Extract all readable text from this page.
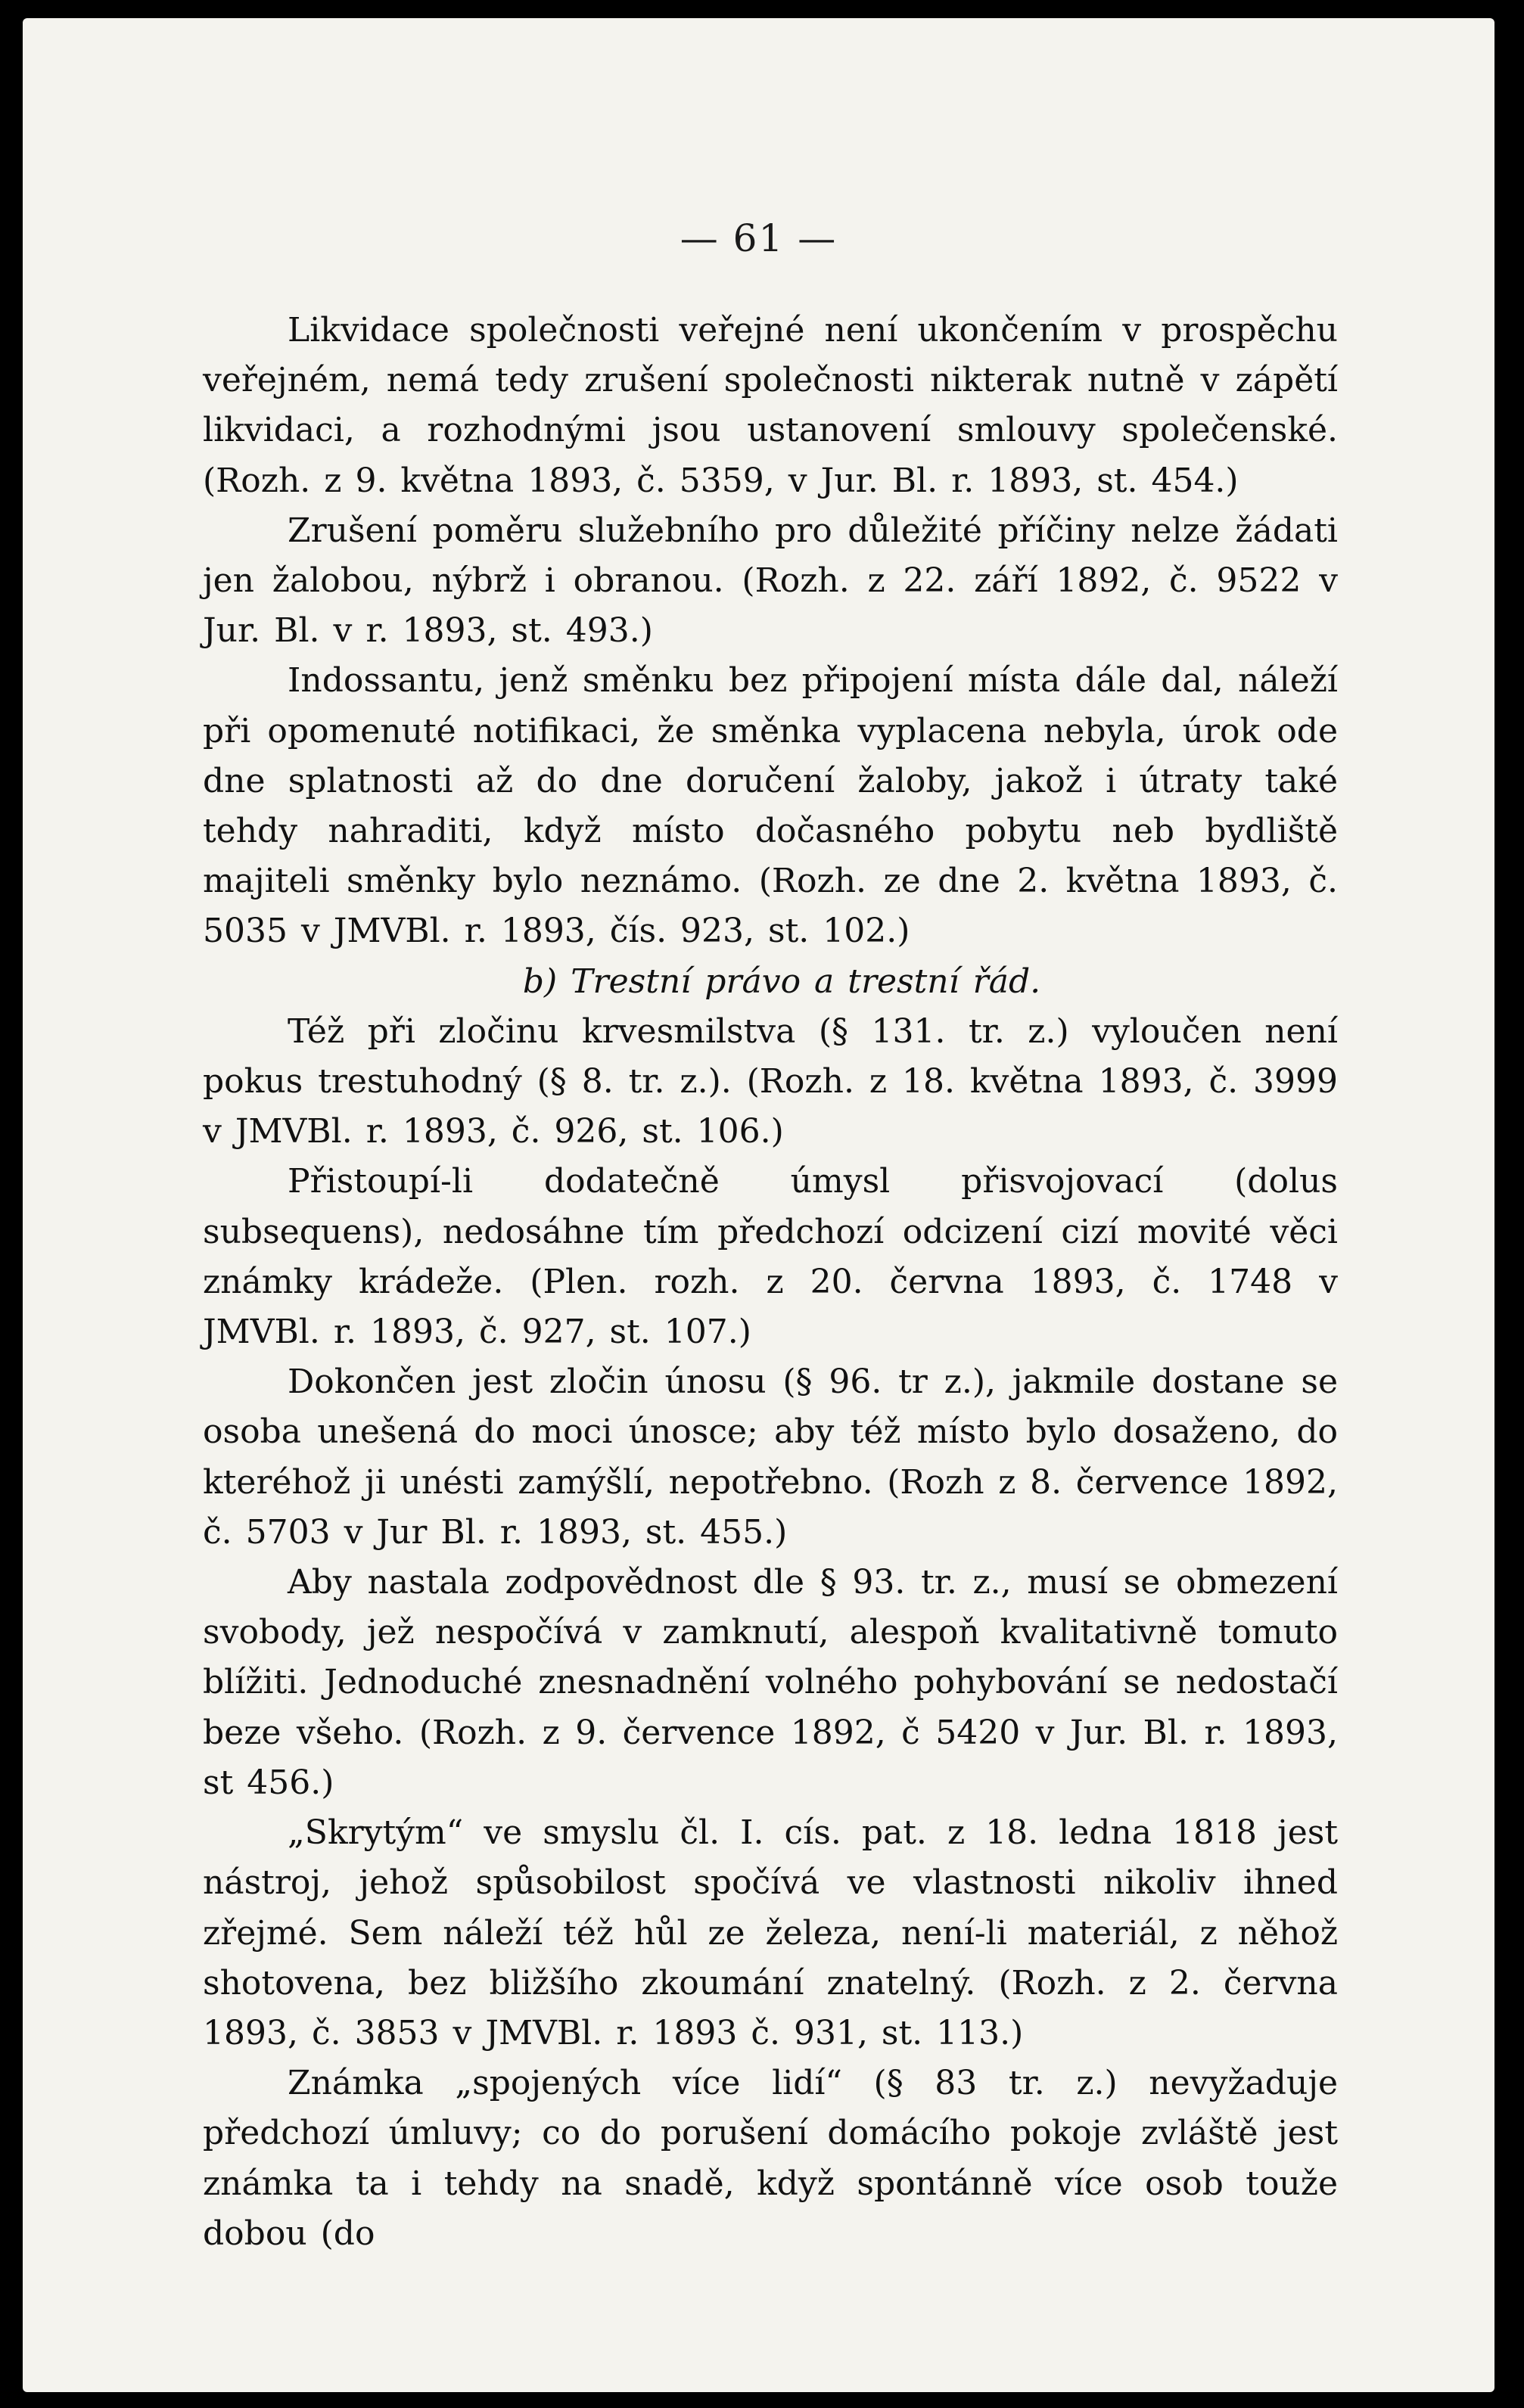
— 61 —

Likvidace společnosti veřejné není ukončením v prospěchu veřejném, nemá tedy zrušení společnosti nikterak nutně v zápětí likvidaci, a rozhodnými jsou ustanovení smlouvy společenské. (Rozh. z 9. května 1893, č. 5359, v Jur. Bl. r. 1893, st. 454.)

Zrušení poměru služebního pro důležité příčiny nelze žádati jen žalobou, nýbrž i obranou. (Rozh. z 22. září 1892, č. 9522 v Jur. Bl. v r. 1893, st. 493.)

Indossantu, jenž směnku bez připojení místa dále dal, náleží při opomenuté notifikaci, že směnka vyplacena nebyla, úrok ode dne splatnosti až do dne doručení žaloby, jakož i útraty také tehdy nahraditi, když místo dočasného pobytu neb bydliště majiteli směnky bylo neznámo. (Rozh. ze dne 2. května 1893, č. 5035 v JMVBl. r. 1893, čís. 923, st. 102.)

b) Trestní právo a trestní řád.

Též při zločinu krvesmilstva (§ 131. tr. z.) vyloučen není pokus trestuhodný (§ 8. tr. z.). (Rozh. z 18. května 1893, č. 3999 v JMVBl. r. 1893, č. 926, st. 106.)

Přistoupí-li dodatečně úmysl přisvojovací (dolus subsequens), nedosáhne tím předchozí odcizení cizí movité věci známky krádeže. (Plen. rozh. z 20. června 1893, č. 1748 v JMVBl. r. 1893, č. 927, st. 107.)

Dokončen jest zločin únosu (§ 96. tr z.), jakmile dostane se osoba unešená do moci únosce; aby též místo bylo dosaženo, do kteréhož ji unésti zamýšlí, nepotřebno. (Rozh z 8. července 1892, č. 5703 v Jur Bl. r. 1893, st. 455.)

Aby nastala zodpovědnost dle § 93. tr. z., musí se obmezení svobody, jež nespočívá v zamknutí, alespoň kvalitativně tomuto blížiti. Jednoduché znesnadnění volného pohybování se nedostačí beze všeho. (Rozh. z 9. července 1892, č 5420 v Jur. Bl. r. 1893, st 456.)

„Skrytým“ ve smyslu čl. I. cís. pat. z 18. ledna 1818 jest nástroj, jehož spůsobilost spočívá ve vlastnosti nikoliv ihned zřejmé. Sem náleží též hůl ze železa, není-li materiál, z něhož shotovena, bez bližšího zkoumání znatelný. (Rozh. z 2. června 1893, č. 3853 v JMVBl. r. 1893 č. 931, st. 113.)

Známka „spojených více lidí“ (§ 83 tr. z.) nevyžaduje předchozí úmluvy; co do porušení domácího pokoje zvláště jest známka ta i tehdy na snadě, když spontánně více osob touže dobou (do
